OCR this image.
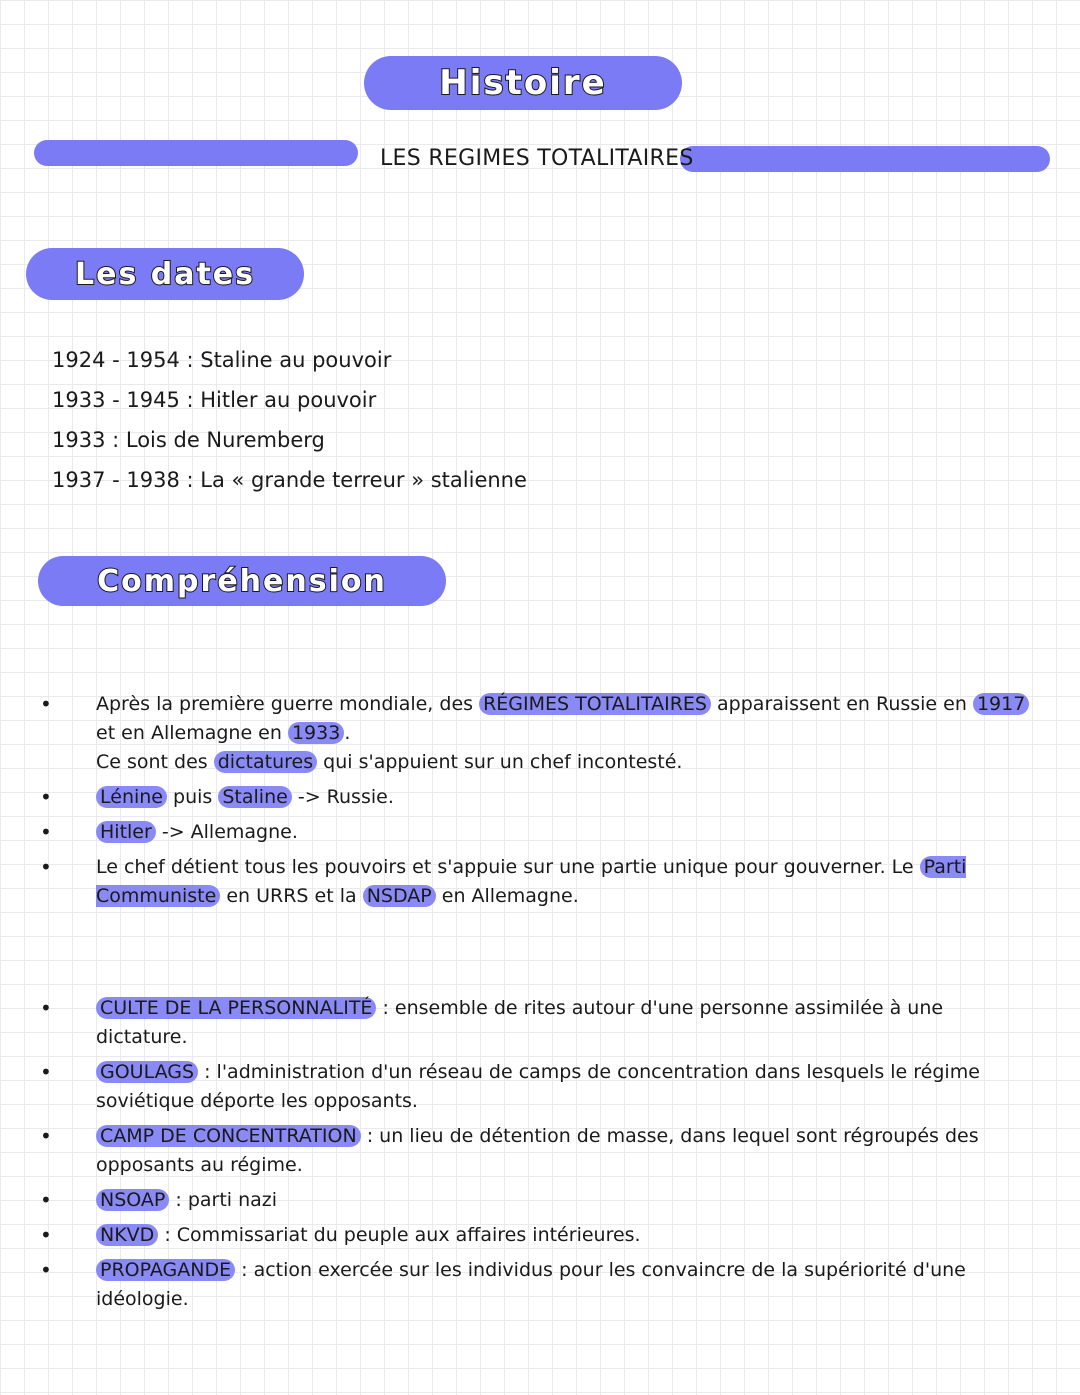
Histoire
LES REGIMES TOTALITAIRES
Les dates
1924 - 1954 : Staline au pouvoir
1933 - 1945 : Hitler au pouvoir
1933 : Lois de Nuremberg
1937 - 1938 : La « grande terreur » stalienne
Compréhension
• Après la première guerre mondiale, des RÉGIMES TOTALITAIRES apparaissent en Russie en 1917 et en Allemagne en 1933 .
Ce sont des dictatures qui s'appuient sur un chef incontesté.
• Lénine puis Staline -> Russie.
• Hitler -> Allemagne.
• Le chef détient tous les pouvoirs et s'appuie sur une partie unique pour gouverner. Le Parti Communiste en URRS et la NSDAP en Allemagne.
• CULTE DE LA PERSONNALITÉ : ensemble de rites autour d'une personne assimilée à une dictature.
• GOULAGS : l'administration d'un réseau de camps de concentration dans lesquels le régime soviétique déporte les opposants.
• CAMP DE CONCENTRATION : un lieu de détention de masse, dans lequel sont régroupés des opposants au régime.
• NSOAP : parti nazi
• NKVD : Commissariat du peuple aux affaires intérieures.
• PROPAGANDE : action exercée sur les individus pour les convaincre de la supériorité d'une idéologie.
